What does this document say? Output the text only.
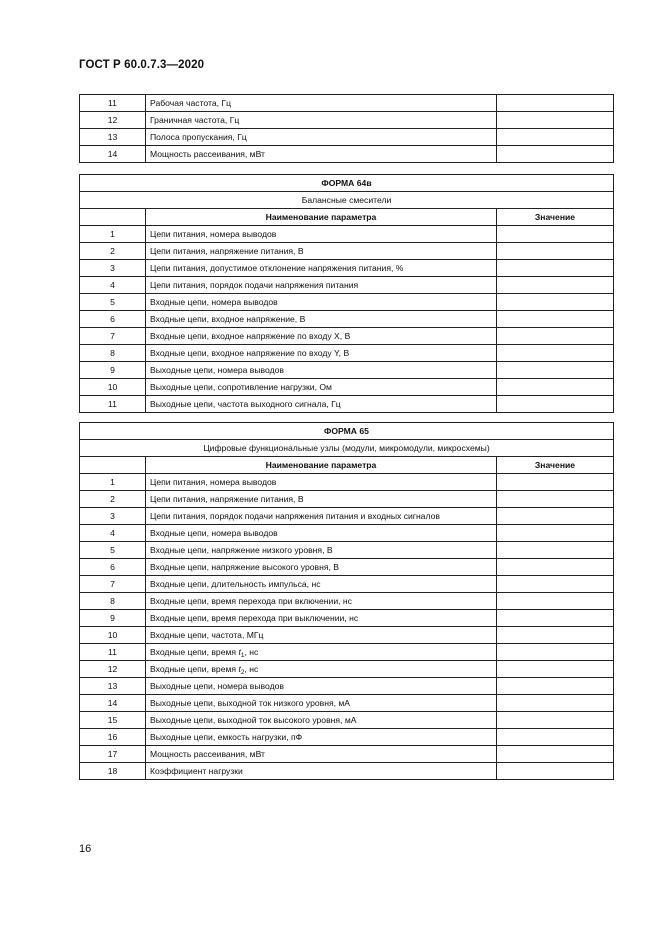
ГОСТ Р 60.0.7.3—2020
11	Рабочая частота, Гц	
12	Граничная частота, Гц	
13	Полоса пропускания, Гц	
14	Мощность рассеивания, мВт	
ФОРМА 64в		
Балансные смесители		
	Наименование параметра	Значение
1	Цепи питания, номера выводов	
2	Цепи питания, напряжение питания, В	
3	Цепи питания, допустимое отклонение напряжения питания, %	
4	Цепи питания, порядок подачи напряжения питания	
5	Входные цепи, номера выводов	
6	Входные цепи, входное напряжение, В	
7	Входные цепи, входное напряжение по входу X, В	
8	Входные цепи, входное напряжение по входу Y, В	
9	Выходные цепи, номера выводов	
10	Выходные цепи, сопротивление нагрузки, Ом	
11	Выходные цепи, частота выходного сигнала, Гц	
ФОРМА 65		
Цифровые функциональные узлы (модули, микромодули, микросхемы)		
	Наименование параметра	Значение
1	Цепи питания, номера выводов	
2	Цепи питания, напряжение питания, В	
3	Цепи питания, порядок подачи напряжения питания и входных сигналов	
4	Входные цепи, номера выводов	
5	Входные цепи, напряжение низкого уровня, В	
6	Входные цепи, напряжение высокого уровня, В	
7	Входные цепи, длительность импульса, нс	
8	Входные цепи, время перехода при включении, нс	
9	Входные цепи, время перехода при выключении, нс	
10	Входные цепи, частота, МГц	
11	Входные цепи, время $t_1$, нс	
12	Входные цепи, время $t_2$, нс	
13	Выходные цепи, номера выводов	
14	Выходные цепи, выходной ток низкого уровня, мА	
15	Выходные цепи, выходной ток высокого уровня, мА	
16	Выходные цепи, емкость нагрузки, пФ	
17	Мощность рассеивания, мВт	
18	Коэффициент нагрузки	
16
